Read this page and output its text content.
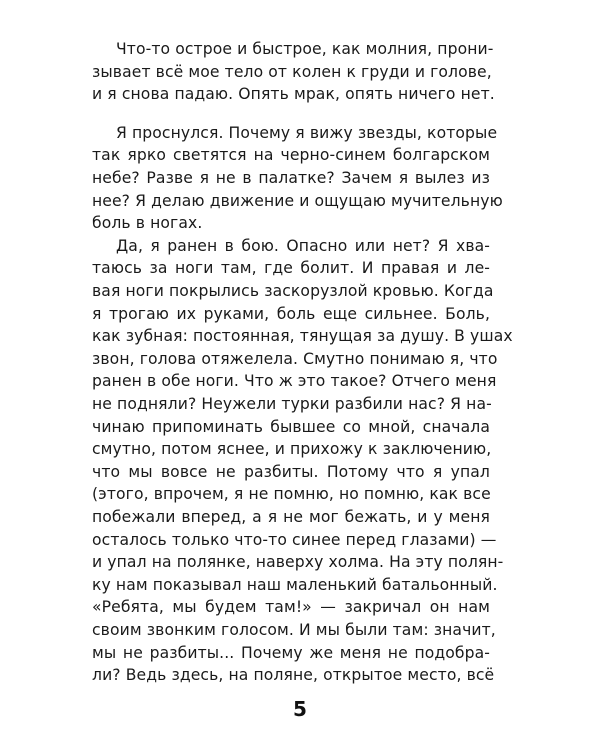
Что-то острое и быстрое, как молния, прони-
зывает всё мое тело от колен к груди и голове,
и я снова падаю. Опять мрак, опять ничего нет.
Я проснулся. Почему я вижу звезды, которые
так ярко светятся на черно-синем болгарском
небе? Разве я не в палатке? Зачем я вылез из
нее? Я делаю движение и ощущаю мучительную
боль в ногах.
Да, я ранен в бою. Опасно или нет? Я хва-
таюсь за ноги там, где болит. И правая и ле-
вая ноги покрылись заскорузлой кровью. Когда
я трогаю их руками, боль еще сильнее. Боль,
как зубная: постоянная, тянущая за душу. В ушах
звон, голова отяжелела. Смутно понимаю я, что
ранен в обе ноги. Что ж это такое? Отчего меня
не подняли? Неужели турки разбили нас? Я на-
чинаю припоминать бывшее со мной, сначала
смутно, потом яснее, и прихожу к заключению,
что мы вовсе не разбиты. Потому что я упал
(этого, впрочем, я не помню, но помню, как все
побежали вперед, а я не мог бежать, и у меня
осталось только что-то синее перед глазами) —
и упал на полянке, наверху холма. На эту полян-
ку нам показывал наш маленький батальонный.
«Ребята, мы будем там!» — закричал он нам
своим звонким голосом. И мы были там: значит,
мы не разбиты... Почему же меня не подобра-
ли? Ведь здесь, на поляне, открытое место, всё
5
